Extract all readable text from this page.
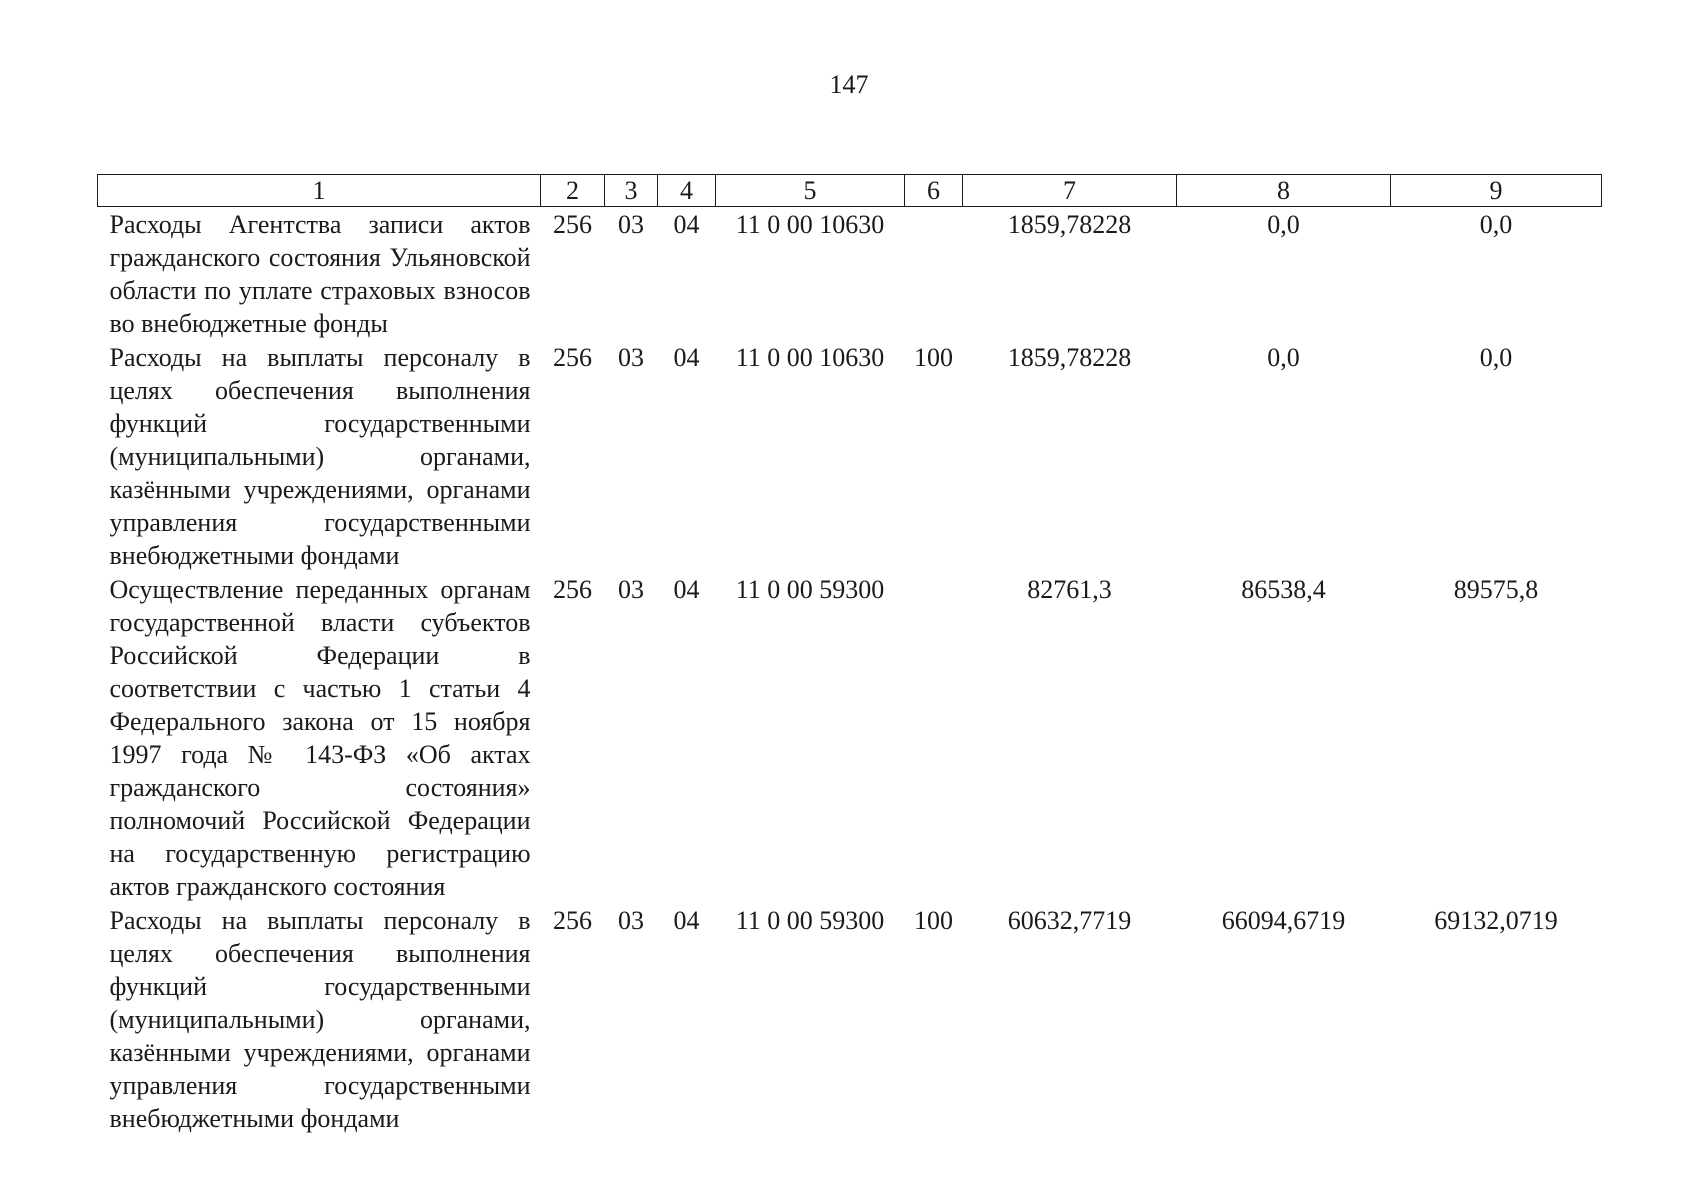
147
1	2	3	4	5	6	7	8	9
Расходы Агентства записи актов гражданского состояния Ульяновской области по уплате страховых взносов во внебюджетные фонды	256	03	04	11 0 00 10630		1859,78228	0,0	0,0
Расходы на выплаты персоналу в целях обеспечения выполнения функций государственными (муниципальными) органами, казёнными учреждениями, органами управления государственными внебюджетными фондами	256	03	04	11 0 00 10630	100	1859,78228	0,0	0,0
Осуществление переданных органам государственной власти субъектов Российской Федерации в соответствии с частью 1 статьи 4 Федерального закона от 15 ноября 1997 года № 143-ФЗ «Об актах гражданского состояния» полномочий Российской Федерации на государственную регистрацию актов гражданского состояния	256	03	04	11 0 00 59300		82761,3	86538,4	89575,8
Расходы на выплаты персоналу в целях обеспечения выполнения функций государственными (муниципальными) органами, казёнными учреждениями, органами управления государственными внебюджетными фондами	256	03	04	11 0 00 59300	100	60632,7719	66094,6719	69132,0719
